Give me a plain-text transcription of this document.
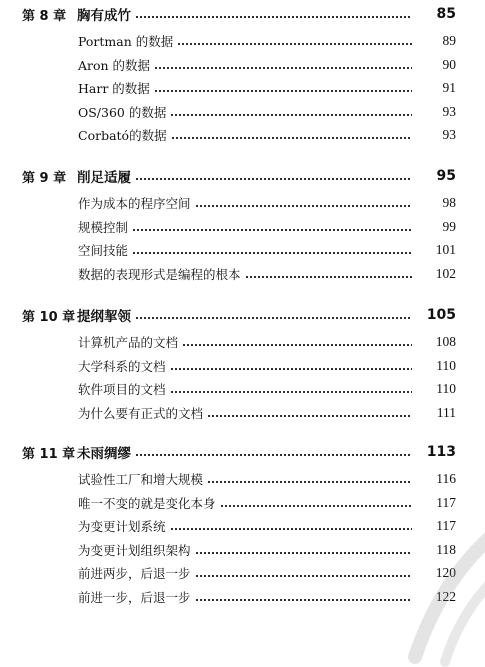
第 8 章 胸有成竹	85
Portman 的数据	89
Aron 的数据	90
Harr 的数据	91
OS/360 的数据	93
Corbató的数据	93
第 9 章 削足适履	95
作为成本的程序空间	98
规模控制	99
空间技能	101
数据的表现形式是编程的根本	102
第 10 章 提纲挈领	105
计算机产品的文档	108
大学科系的文档	110
软件项目的文档	110
为什么要有正式的文档	111
第 11 章 未雨绸缪	113
试验性工厂和增大规模	116
唯一不变的就是变化本身	117
为变更计划系统	117
为变更计划组织架构	118
前进两步，后退一步	120
前进一步，后退一步	122
